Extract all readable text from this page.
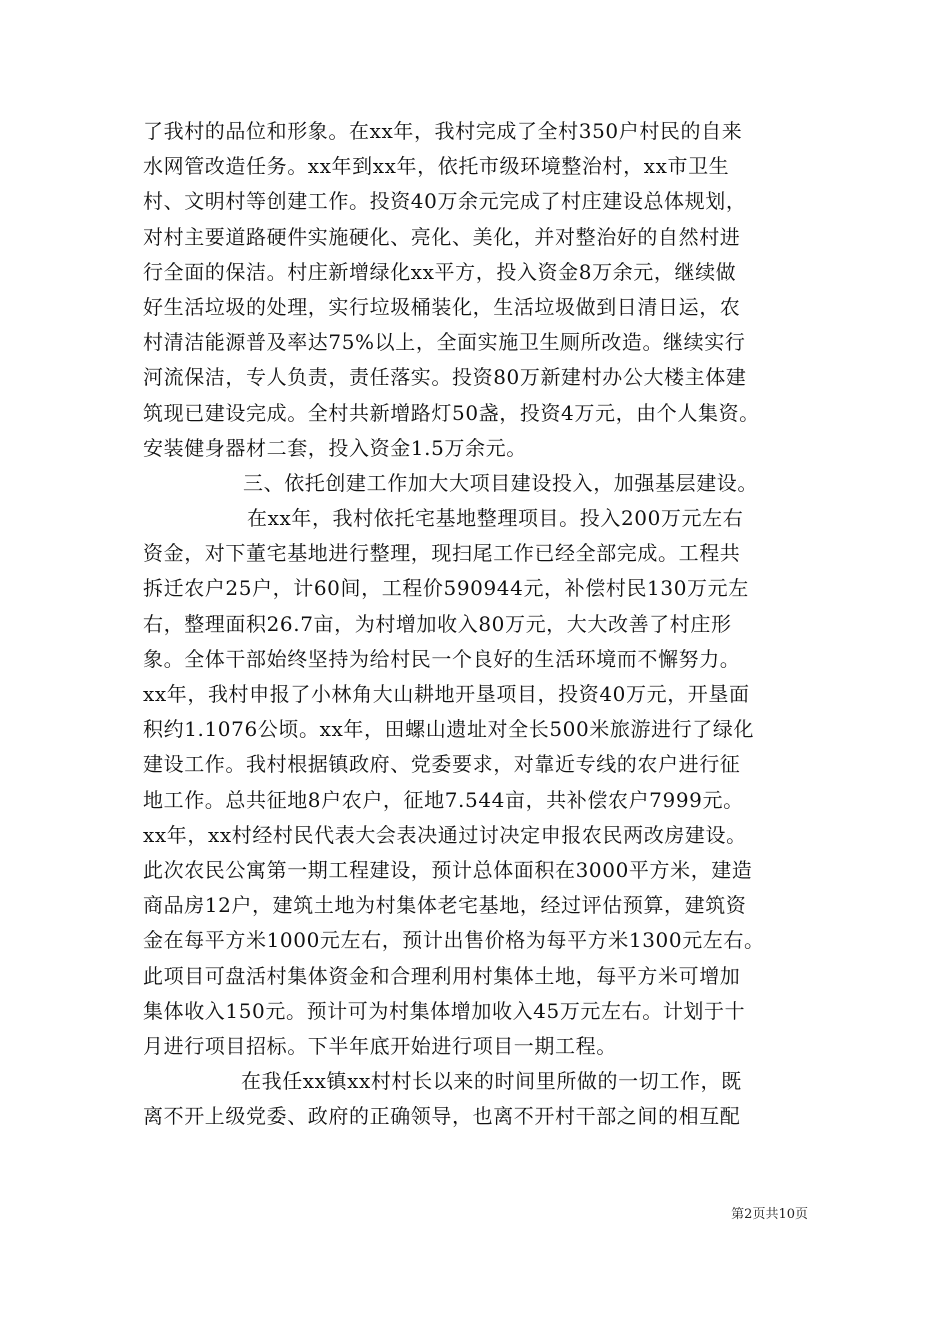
了我村的品位和形象。在xx年，我村完成了全村350户村民的自来
水网管改造任务。xx年到xx年，依托市级环境整治村，xx市卫生
村、文明村等创建工作。投资40万余元完成了村庄建设总体规划，
对村主要道路硬件实施硬化、亮化、美化，并对整治好的自然村进
行全面的保洁。村庄新增绿化xx平方，投入资金8万余元，继续做
好生活垃圾的处理，实行垃圾桶装化，生活垃圾做到日清日运，农
村清洁能源普及率达75%以上，全面实施卫生厕所改造。继续实行
河流保洁，专人负责，责任落实。投资80万新建村办公大楼主体建
筑现已建设完成。全村共新增路灯50盏，投资4万元，由个人集资。
安装健身器材二套，投入资金1.5万余元。
三、依托创建工作加大大项目建设投入，加强基层建设。
在xx年，我村依托宅基地整理项目。投入200万元左右
资金，对下董宅基地进行整理，现扫尾工作已经全部完成。工程共
拆迁农户25户，计60间，工程价590944元，补偿村民130万元左
右，整理面积26.7亩，为村增加收入80万元，大大改善了村庄形
象。全体干部始终坚持为给村民一个良好的生活环境而不懈努力。
xx年，我村申报了小林角大山耕地开垦项目，投资40万元，开垦面
积约1.1076公顷。xx年，田螺山遗址对全长500米旅游进行了绿化
建设工作。我村根据镇政府、党委要求，对靠近专线的农户进行征
地工作。总共征地8户农户，征地7.544亩，共补偿农户7999元。
xx年，xx村经村民代表大会表决通过讨决定申报农民两改房建设。
此次农民公寓第一期工程建设，预计总体面积在3000平方米，建造
商品房12户，建筑土地为村集体老宅基地，经过评估预算，建筑资
金在每平方米1000元左右，预计出售价格为每平方米1300元左右。
此项目可盘活村集体资金和合理利用村集体土地，每平方米可增加
集体收入150元。预计可为村集体增加收入45万元左右。计划于十
月进行项目招标。下半年底开始进行项目一期工程。
在我任xx镇xx村村长以来的时间里所做的一切工作，既
离不开上级党委、政府的正确领导，也离不开村干部之间的相互配
第2页共10页
